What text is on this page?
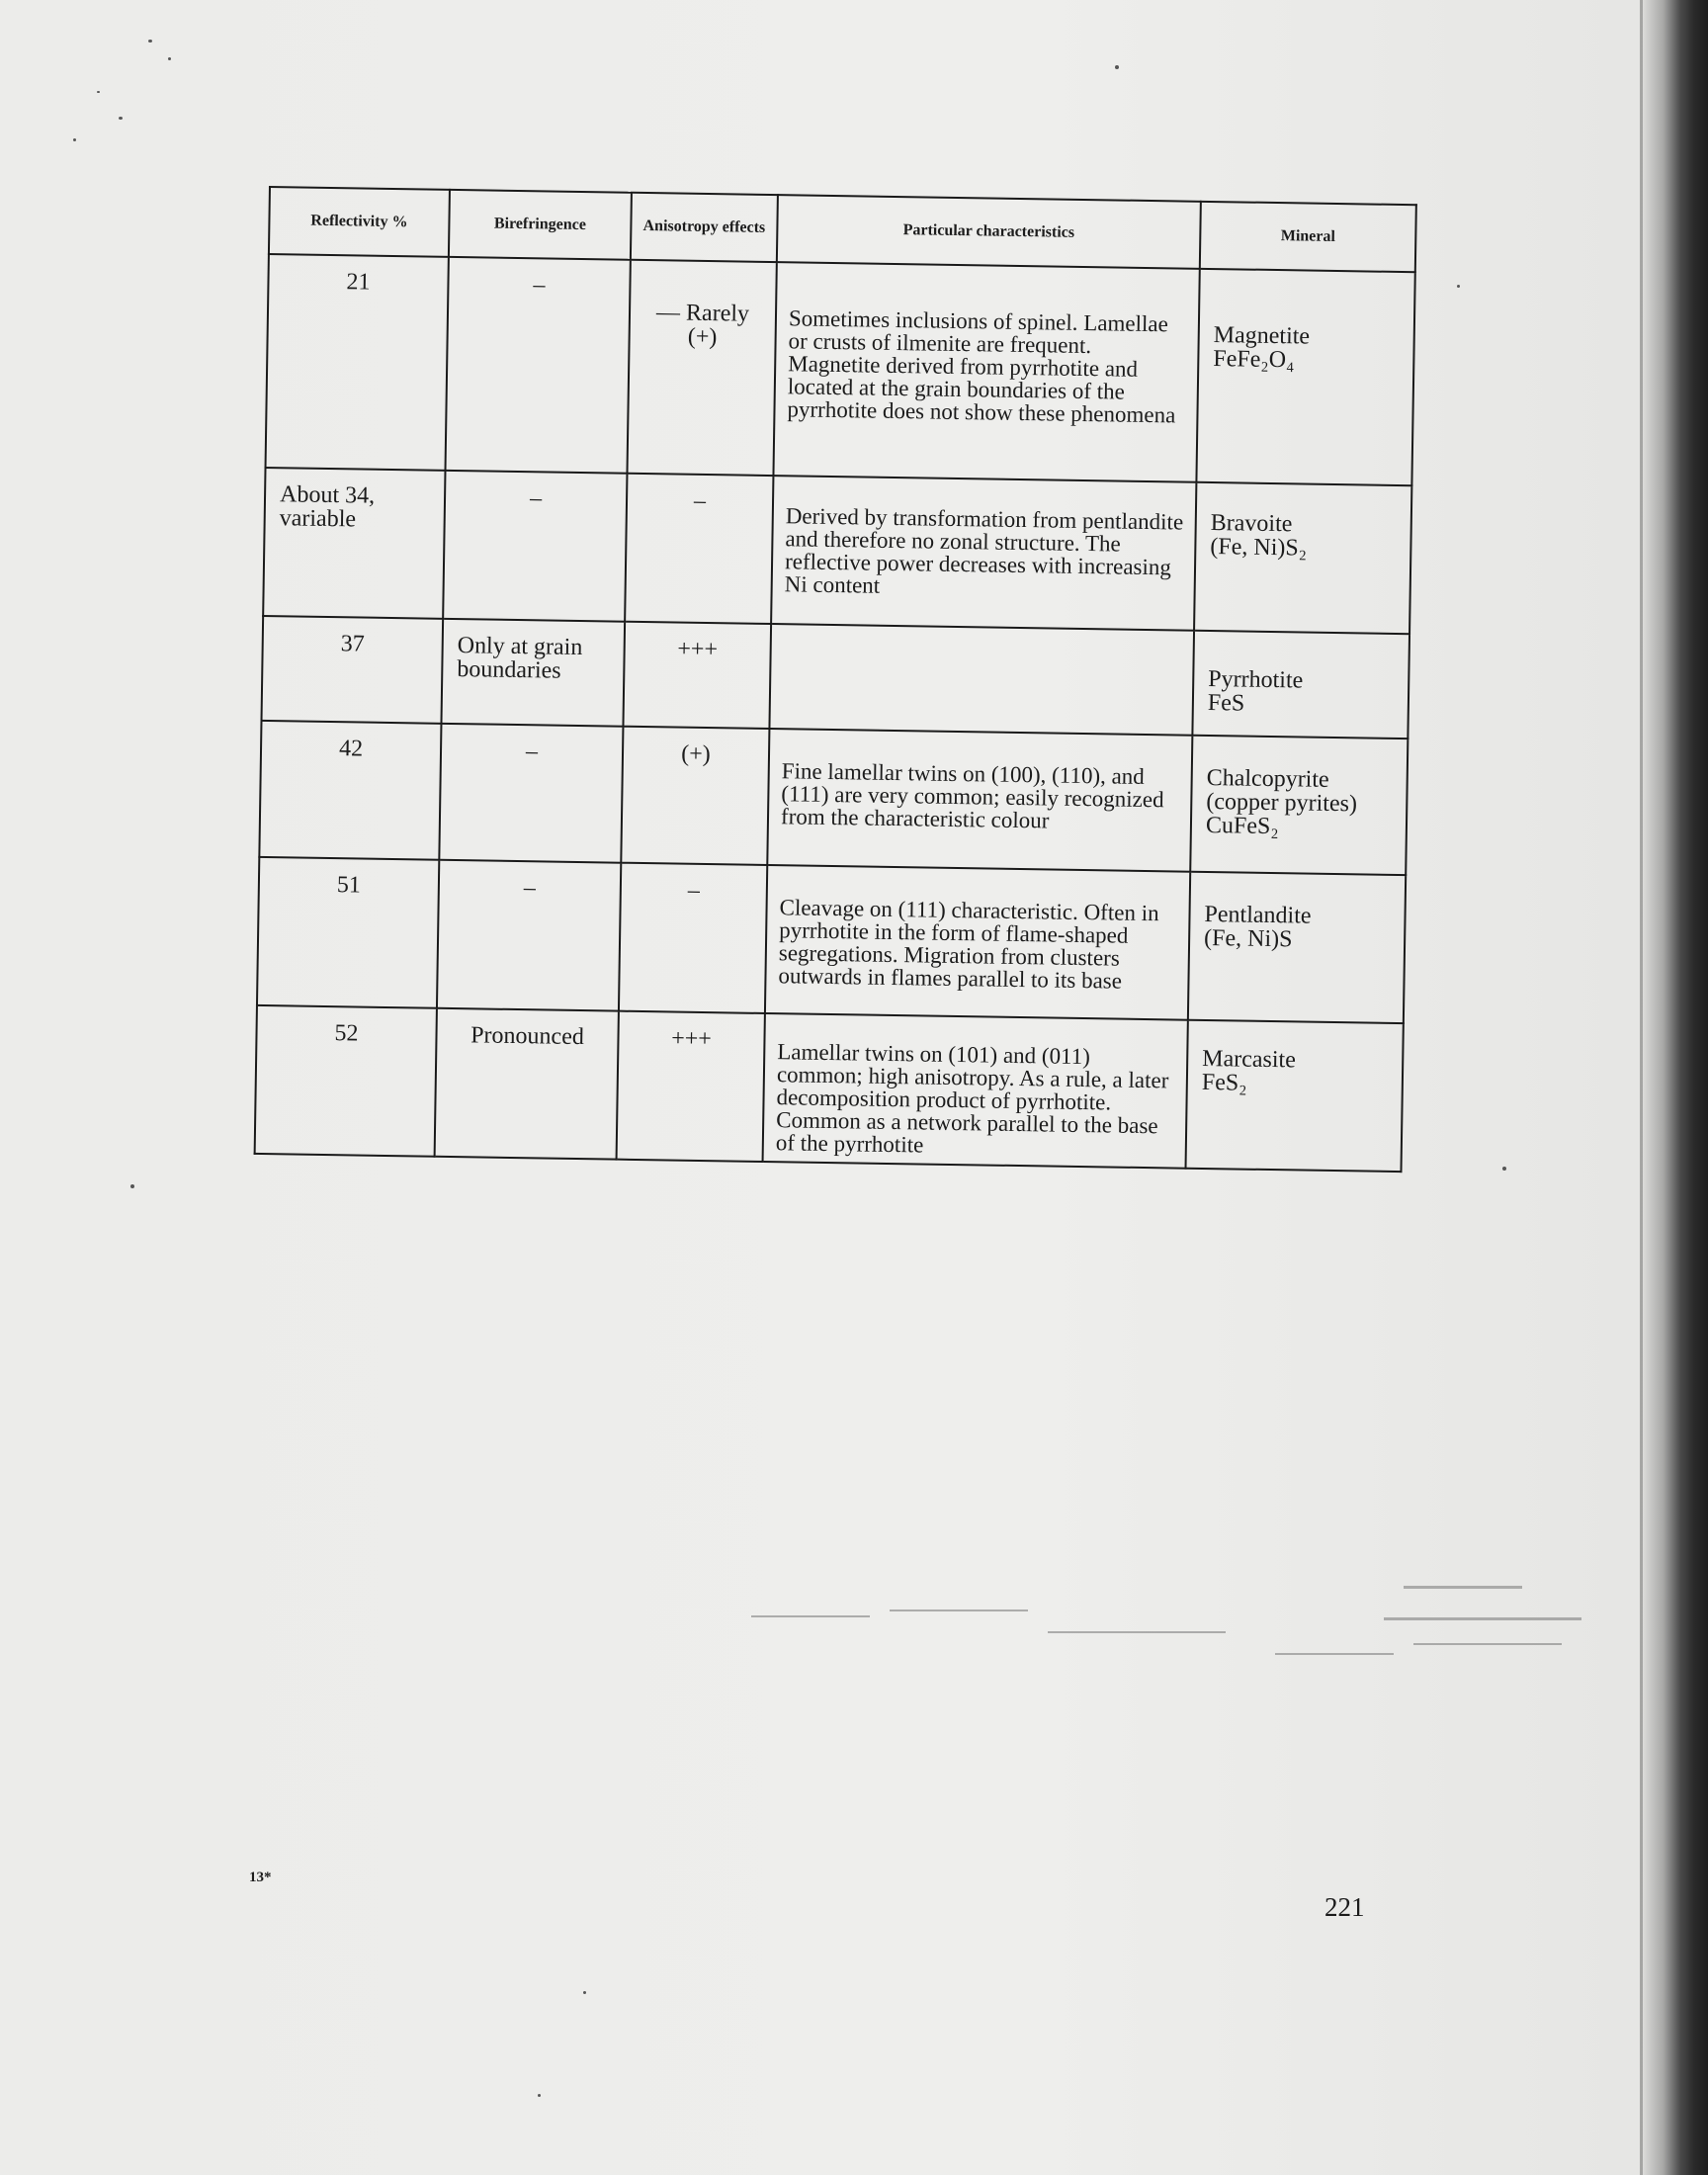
Reflectivity %	Birefringence	Anisotropy effects	Particular characteristics	Mineral

21	–	— Rarely (+)	Sometimes inclusions of spinel. Lamellae or crusts of ilmenite are frequent. Magnetite derived from pyrrhotite and located at the grain boundaries of the pyrrhotite does not show these phenomena	Magnetite
FeFe₂O₄

About 34, variable	–	–	Derived by transformation from pentlandite and therefore no zonal structure. The reflective power decreases with increasing Ni content	Bravoite
(Fe, Ni)S₂

37	Only at grain boundaries	+++		Pyrrhotite
FeS

42	–	(+)	Fine lamellar twins on (100), (110), and (111) are very common; easily recognized from the characteristic colour	Chalcopyrite (copper pyrites)
CuFeS₂

51	–	–	Cleavage on (111) characteristic. Often in pyrrhotite in the form of flame-shaped segregations. Migration from clusters outwards in flames parallel to its base	Pentlandite
(Fe, Ni)S

52	Pronounced	+++	Lamellar twins on (101) and (011) common; high anisotropy. As a rule, a later decomposition product of pyrrhotite. Common as a network parallel to the base of the pyrrhotite	Marcasite
FeS₂
13*
221
